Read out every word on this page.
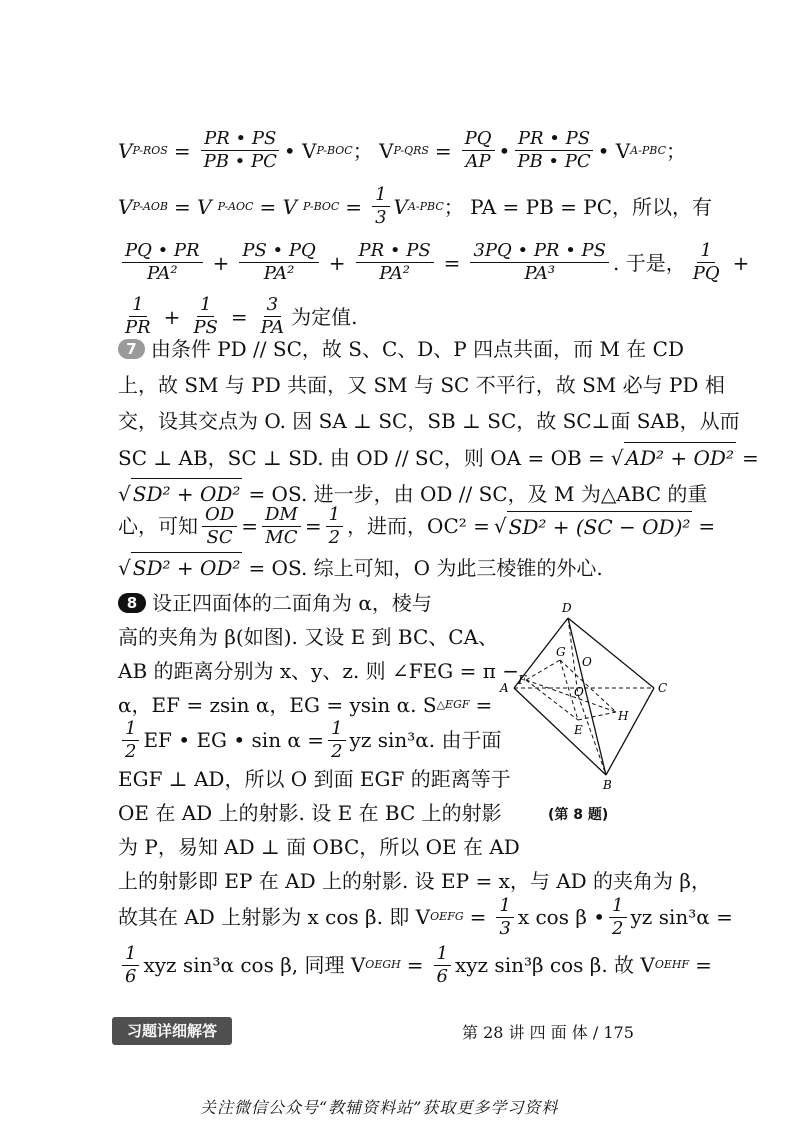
V $P-ROS = \frac{PR • PS}{PB • PC}$ • V P-BOC ； V $P-QRS = \frac{PQ}{AP}$ • $\frac{PR • PS}{PB • PC}$ • V A-PBC ；
V P-AOB = V P-AOC = V $P-BOC = \frac{1}{3}$ V A-PBC ； PA = PB = PC，所以，有
$\frac{PQ • PR}{\text{PA²}} + \frac{PS • PQ}{\text{PA²}} + \frac{PR • PS}{\text{PA²}} = \frac{3PQ • PR • PS}{\text{PA³}}$ . 于是， $\frac{1}{PQ}$ +
$\frac{1}{PR} + \frac{1}{PS} = \frac{3}{PA}$ 为定值.
7 由条件 PD // SC，故 S、C、D、P 四点共面，而 M 在 CD
上，故 SM 与 PD 共面，又 SM 与 SC 不平行，故 SM 必与 PD 相
交，设其交点为 O. 因 SA ⊥ SC，SB ⊥ SC，故 SC⊥面 SAB，从而
SC ⊥ AB，SC ⊥ SD. 由 OD // SC，则 OA = OB = √ AD² + OD² =
√ SD² + OD² = OS. 进一步，由 OD // SC，及 M 为△ABC 的重
心，可知 $\frac{OD}{SC} = \frac{DM}{MC} = \frac{1}{2}$ ，进而，OC² = √ SD² + (SC − OD)² =
√ SD² + OD² = OS. 综上可知，O 为此三棱锥的外心.
8 设正四面体的二面角为 α，棱与
高的夹角为 β(如图). 又设 E 到 BC、CA、
AB 的距离分别为 x、y、z. 则 ∠FEG = π −
α，EF = zsin α，EG = ysin α. S △EGF =
$\frac{1}{2}$ EF • EG • $\sin \alpha = \frac{1}{2}$ yz sin³α. 由于面
EGF ⊥ AD，所以 O 到面 EGF 的距离等于
OE 在 AD 上的射影. 设 E 在 BC 上的射影
为 P，易知 AD ⊥ 面 OBC，所以 OE 在 AD
上的射影即 EP 在 AD 上的射影. 设 EP = x，与 AD 的夹角为 β，
故其在 AD 上射影为 x cos β. 即 V OEFG = $\frac{1}{3}$ x cos β • $\frac{1}{2}$ yz sin³α =
$\frac{1}{6}$ xyz sin³α cos β, 同理 V OEGH = $\frac{1}{6}$ xyz sin³β cos β. 故 V OEHF =
D
A	C
B
G
F
H
E
O
O
(第 8 题)
习题详细解答	第 28 讲 四 面 体 / 175
关注微信公众号“教辅资料站”获取更多学习资料
